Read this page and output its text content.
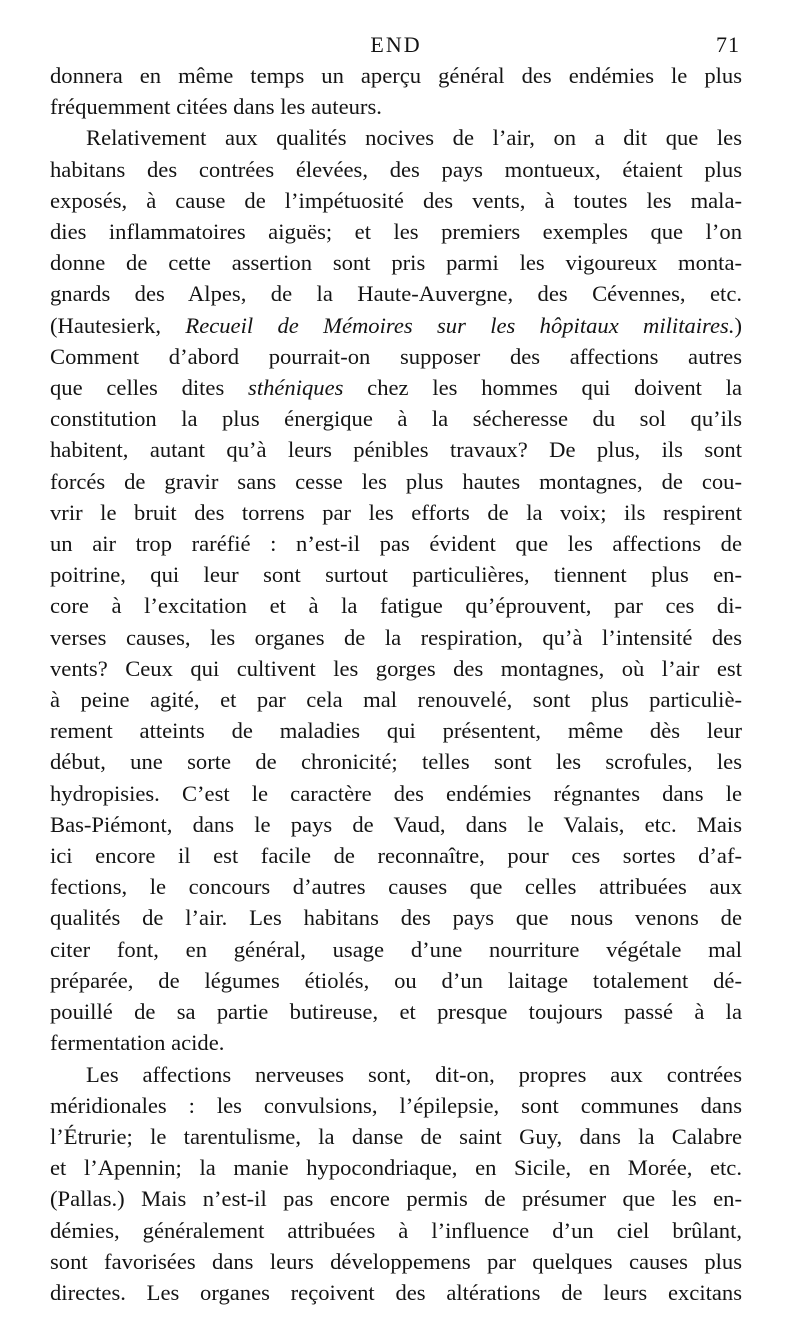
END	71

donnera en même temps un aperçu général des endémies le plus
fréquemment citées dans les auteurs.

Relativement aux qualités nocives de l’air, on a dit que les
habitans des contrées élevées, des pays montueux, étaient plus
exposés, à cause de l’impétuosité des vents, à toutes les mala-
dies inflammatoires aiguës; et les premiers exemples que l’on
donne de cette assertion sont pris parmi les vigoureux monta-
gnards des Alpes, de la Haute-Auvergne, des Cévennes, etc.
(Hautesierk, Recueil de Mémoires sur les hôpitaux militaires.)
Comment d’abord pourrait-on supposer des affections autres
que celles dites sthéniques chez les hommes qui doivent la
constitution la plus énergique à la sécheresse du sol qu’ils
habitent, autant qu’à leurs pénibles travaux? De plus, ils sont
forcés de gravir sans cesse les plus hautes montagnes, de cou-
vrir le bruit des torrens par les efforts de la voix; ils respirent
un air trop raréfié : n’est-il pas évident que les affections de
poitrine, qui leur sont surtout particulières, tiennent plus en-
core à l’excitation et à la fatigue qu’éprouvent, par ces di-
verses causes, les organes de la respiration, qu’à l’intensité des
vents? Ceux qui cultivent les gorges des montagnes, où l’air est
à peine agité, et par cela mal renouvelé, sont plus particuliè-
rement atteints de maladies qui présentent, même dès leur
début, une sorte de chronicité; telles sont les scrofules, les
hydropisies. C’est le caractère des endémies régnantes dans le
Bas-Piémont, dans le pays de Vaud, dans le Valais, etc. Mais
ici encore il est facile de reconnaître, pour ces sortes d’af-
fections, le concours d’autres causes que celles attribuées aux
qualités de l’air. Les habitans des pays que nous venons de
citer font, en général, usage d’une nourriture végétale mal
préparée, de légumes étiolés, ou d’un laitage totalement dé-
pouillé de sa partie butireuse, et presque toujours passé à la
fermentation acide.

Les affections nerveuses sont, dit-on, propres aux contrées
méridionales : les convulsions, l’épilepsie, sont communes dans
l’Étrurie; le tarentulisme, la danse de saint Guy, dans la Calabre
et l’Apennin; la manie hypocondriaque, en Sicile, en Morée, etc.
(Pallas.) Mais n’est-il pas encore permis de présumer que les en-
démies, généralement attribuées à l’influence d’un ciel brûlant,
sont favorisées dans leurs développemens par quelques causes plus
directes. Les organes reçoivent des altérations de leurs excitans
